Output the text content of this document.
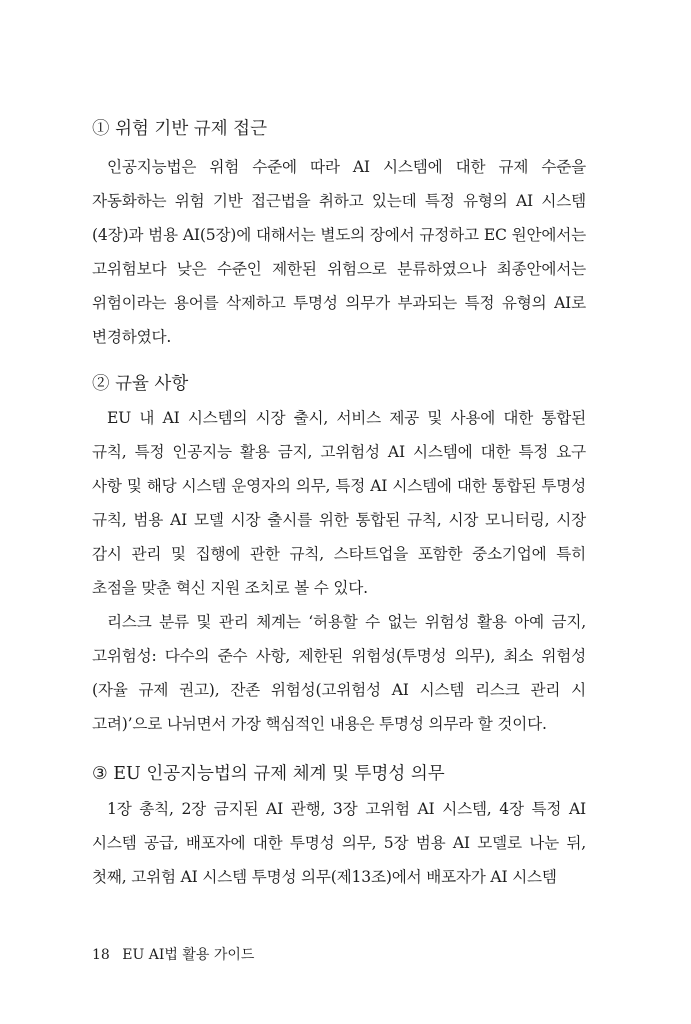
① 위험 기반 규제 접근

인공지능법은 위험 수준에 따라 AI 시스템에 대한 규제 수준을 자동화하는 위험 기반 접근법을 취하고 있는데 특정 유형의 AI 시스템(4장)과 범용 AI(5장)에 대해서는 별도의 장에서 규정하고 EC 원안에서는 고위험보다 낮은 수준인 제한된 위험으로 분류하였으나 최종안에서는 위험이라는 용어를 삭제하고 투명성 의무가 부과되는 특정 유형의 AI로 변경하였다.

② 규율 사항

EU 내 AI 시스템의 시장 출시, 서비스 제공 및 사용에 대한 통합된 규칙, 특정 인공지능 활용 금지, 고위험성 AI 시스템에 대한 특정 요구 사항 및 해당 시스템 운영자의 의무, 특정 AI 시스템에 대한 통합된 투명성 규칙, 범용 AI 모델 시장 출시를 위한 통합된 규칙, 시장 모니터링, 시장 감시 관리 및 집행에 관한 규칙, 스타트업을 포함한 중소기업에 특히 초점을 맞춘 혁신 지원 조치로 볼 수 있다.

리스크 분류 및 관리 체계는 ‘허용할 수 없는 위험성 활용 아예 금지, 고위험성: 다수의 준수 사항, 제한된 위험성(투명성 의무), 최소 위험성(자율 규제 권고), 잔존 위험성(고위험성 AI 시스템 리스크 관리 시 고려)’으로 나뉘면서 가장 핵심적인 내용은 투명성 의무라 할 것이다.

③ EU 인공지능법의 규제 체계 및 투명성 의무

1장 총칙, 2장 금지된 AI 관행, 3장 고위험 AI 시스템, 4장 특정 AI 시스템 공급, 배포자에 대한 투명성 의무, 5장 범용 AI 모델로 나눈 뒤, 첫째, 고위험 AI 시스템 투명성 의무(제13조)에서 배포자가 AI 시스템

18 EU AI법 활용 가이드
